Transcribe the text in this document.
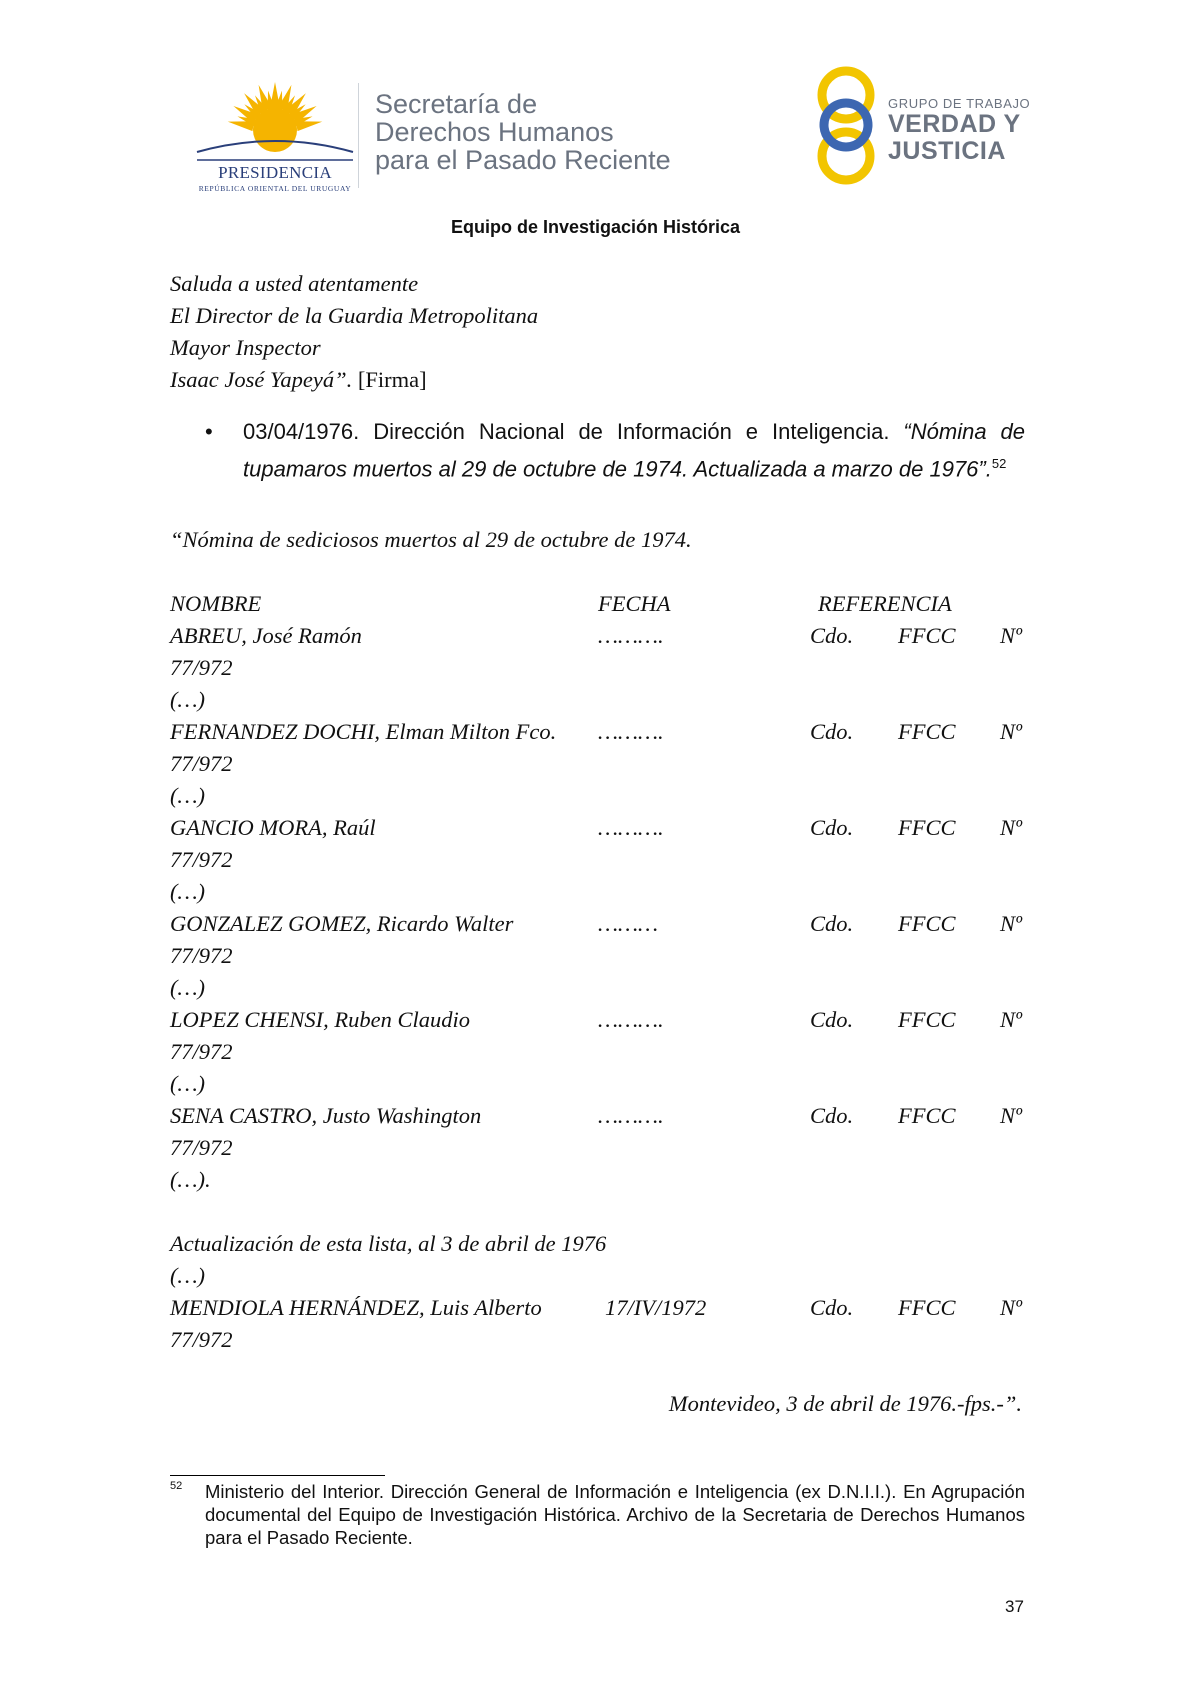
PRESIDENCIA
REPÚBLICA ORIENTAL DEL URUGUAY
Secretaría de
Derechos Humanos
para el Pasado Reciente
GRUPO DE TRABAJO
VERDAD Y
JUSTICIA
Equipo de Investigación Histórica
Saluda a usted atentamente
El Director de la Guardia Metropolitana
Mayor Inspector
Isaac José Yapeyá”. [Firma]
• 03/04/1976. Dirección Nacional de Información e Inteligencia. “Nómina de tupamaros muertos al 29 de octubre de 1974. Actualizada a marzo de 1976”.$^{52}$
“Nómina de sediciosos muertos al 29 de octubre de 1974.
NOMBRE	FECHA	REFERENCIA
ABREU, José Ramón	……….	Cdo. FFCC Nº
77/972
(…)
FERNANDEZ DOCHI, Elman Milton Fco. ……….	Cdo. FFCC Nº
77/972
(…)
GANCIO MORA, Raúl	……….	Cdo. FFCC Nº
77/972
(…)
GONZALEZ GOMEZ, Ricardo Walter	………	Cdo. FFCC Nº
77/972
(…)
LOPEZ CHENSI, Ruben Claudio	……….	Cdo. FFCC Nº
77/972
(…)
SENA CASTRO, Justo Washington	……….	Cdo. FFCC Nº
77/972
(…).
Actualización de esta lista, al 3 de abril de 1976
(…)
MENDIOLA HERNÁNDEZ, Luis Alberto	17/IV/1972	Cdo. FFCC Nº
77/972
Montevideo, 3 de abril de 1976.-fps.-”.
52 Ministerio del Interior. Dirección General de Información e Inteligencia (ex D.N.I.I.). En Agrupación documental del Equipo de Investigación Histórica. Archivo de la Secretaria de Derechos Humanos para el Pasado Reciente.
37
